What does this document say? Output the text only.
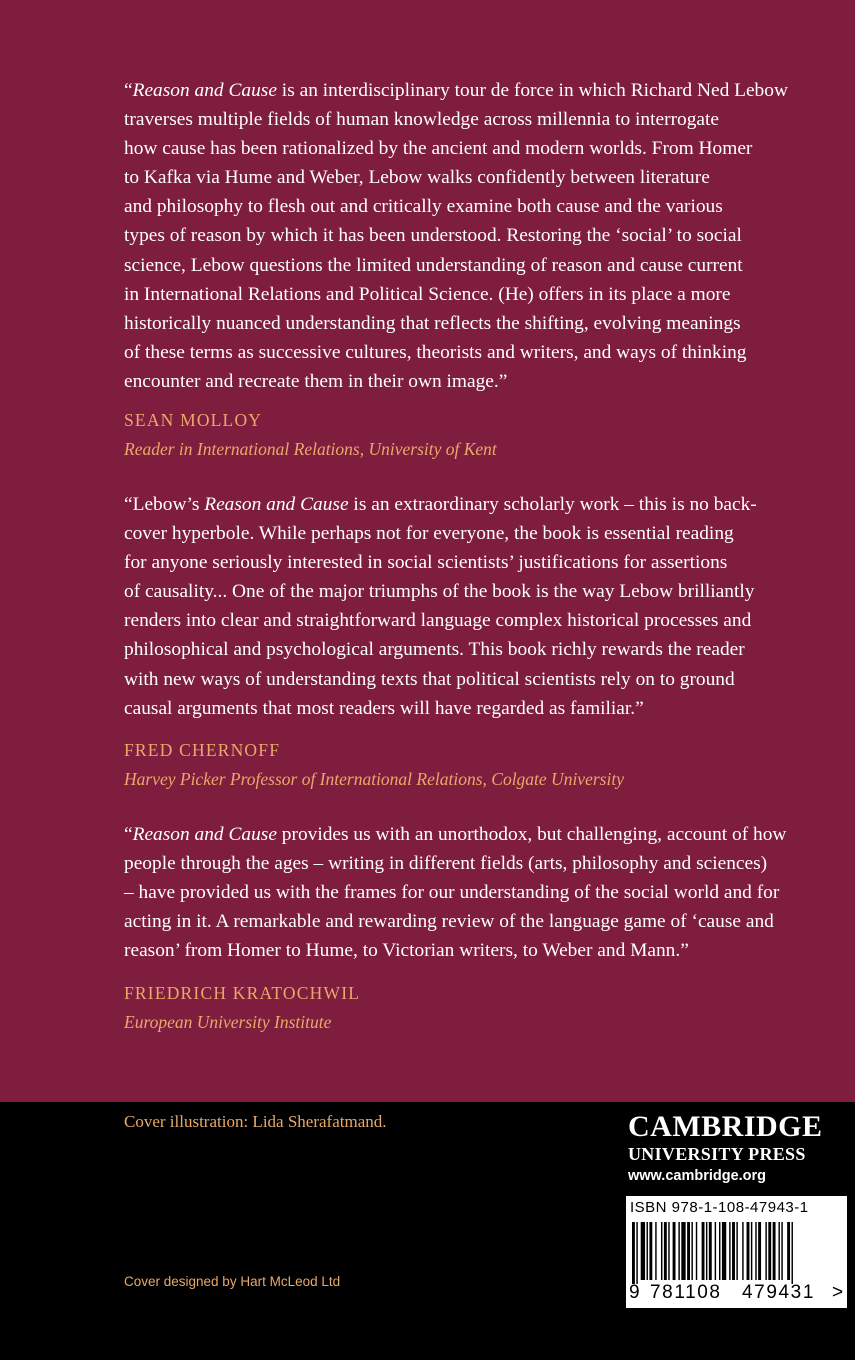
“Reason and Cause is an interdisciplinary tour de force in which Richard Ned Lebow
traverses multiple fields of human knowledge across millennia to interrogate
how cause has been rationalized by the ancient and modern worlds. From Homer
to Kafka via Hume and Weber, Lebow walks confidently between literature
and philosophy to flesh out and critically examine both cause and the various
types of reason by which it has been understood. Restoring the ‘social’ to social
science, Lebow questions the limited understanding of reason and cause current
in International Relations and Political Science. (He) offers in its place a more
historically nuanced understanding that reflects the shifting, evolving meanings
of these terms as successive cultures, theorists and writers, and ways of thinking
encounter and recreate them in their own image.”
SEAN MOLLOY
Reader in International Relations, University of Kent
“Lebow’s Reason and Cause is an extraordinary scholarly work – this is no back-
cover hyperbole. While perhaps not for everyone, the book is essential reading
for anyone seriously interested in social scientists’ justifications for assertions
of causality... One of the major triumphs of the book is the way Lebow brilliantly
renders into clear and straightforward language complex historical processes and
philosophical and psychological arguments. This book richly rewards the reader
with new ways of understanding texts that political scientists rely on to ground
causal arguments that most readers will have regarded as familiar.”
FRED CHERNOFF
Harvey Picker Professor of International Relations, Colgate University
“Reason and Cause provides us with an unorthodox, but challenging, account of how
people through the ages – writing in different fields (arts, philosophy and sciences)
– have provided us with the frames for our understanding of the social world and for
acting in it. A remarkable and rewarding review of the language game of ‘cause and
reason’ from Homer to Hume, to Victorian writers, to Weber and Mann.”
FRIEDRICH KRATOCHWIL
European University Institute
Cover illustration: Lida Sherafatmand.
Cover designed by Hart McLeod Ltd
CAMBRIDGE
UNIVERSITY PRESS
www.cambridge.org
ISBN 978-1-108-47943-1
9 781108 479431 >
